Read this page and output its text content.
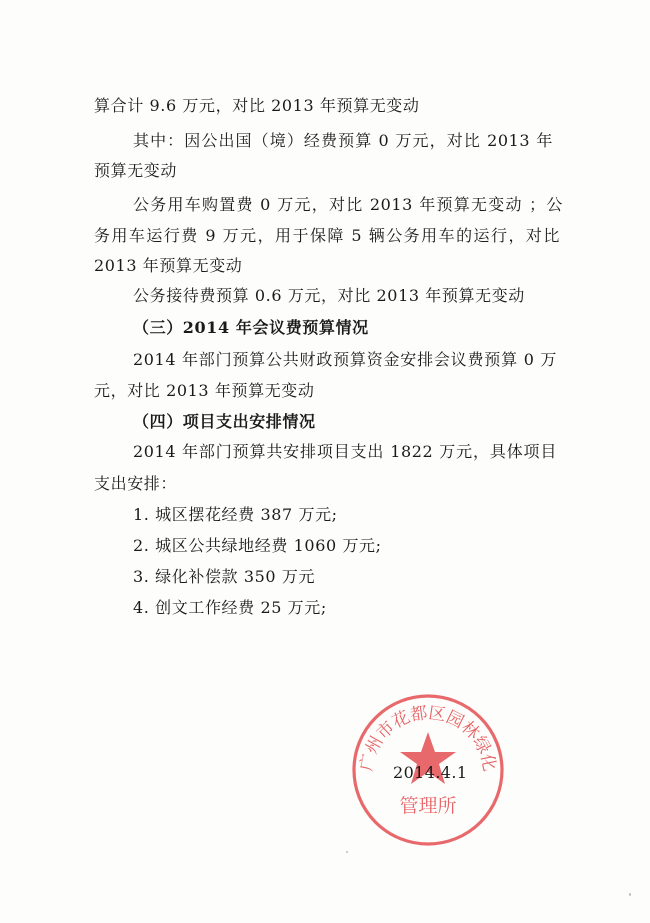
算合计 9.6 万元，对比 2013 年预算无变动
其中：因公出国（境）经费预算 0 万元，对比 2013 年
预算无变动
公务用车购置费 0 万元，对比 2013 年预算无变动 ；公
务用车运行费 9 万元，用于保障 5 辆公务用车的运行，对比
2013 年预算无变动
公务接待费预算 0.6 万元，对比 2013 年预算无变动
（三）2014 年会议费预算情况
2014 年部门预算公共财政预算资金安排会议费预算 0 万
元，对比 2013 年预算无变动
（四）项目支出安排情况
2014 年部门预算共安排项目支出 1822 万元，具体项目
支出安排：
1. 城区摆花经费 387 万元;
2. 城区公共绿地经费 1060 万元;
3. 绿化补偿款 350 万元
4. 创文工作经费 25 万元;
广州市花都区园林绿化
管理所
2014.4.1
